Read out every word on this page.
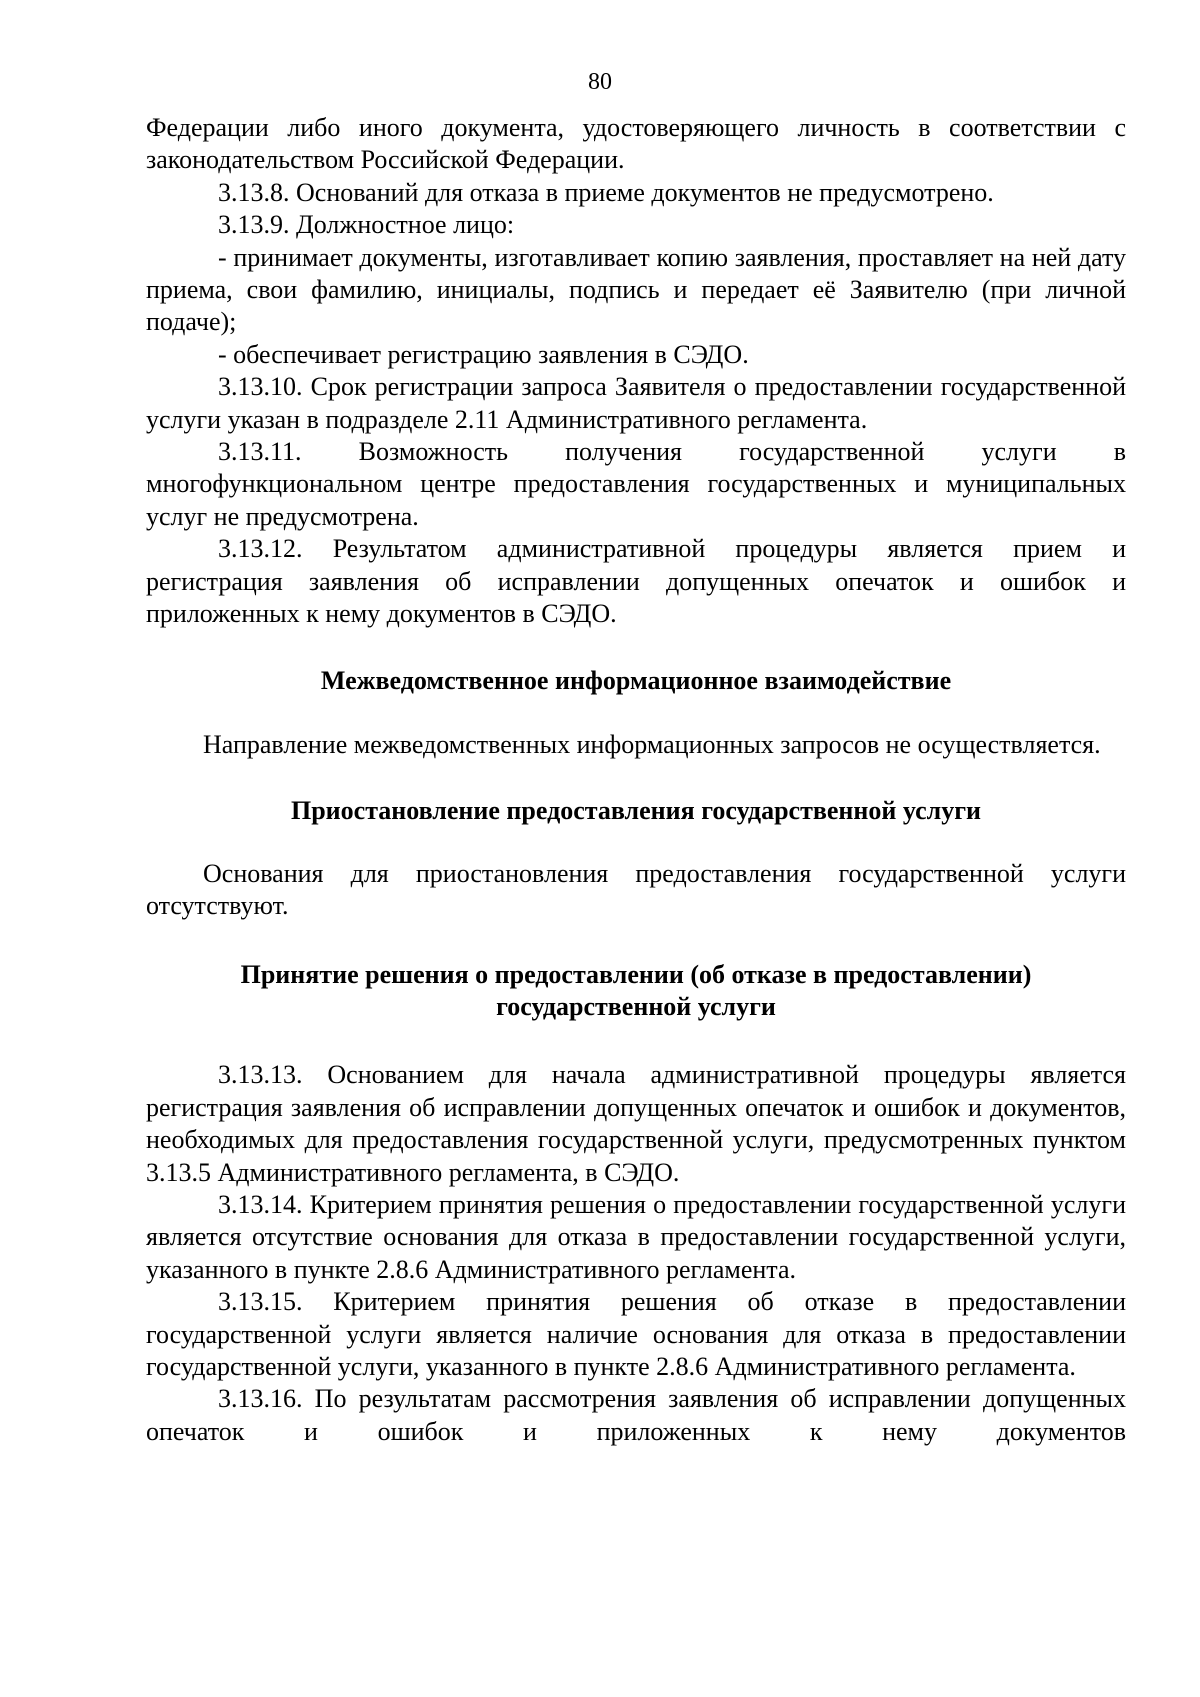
80

Федерации либо иного документа, удостоверяющего личность в соответствии с законодательством Российской Федерации.

3.13.8. Оснований для отказа в приеме документов не предусмотрено.

3.13.9. Должностное лицо:

- принимает документы, изготавливает копию заявления, проставляет на ней дату приема, свои фамилию, инициалы, подпись и передает её Заявителю (при личной подаче);

- обеспечивает регистрацию заявления в СЭДО.

3.13.10. Срок регистрации запроса Заявителя о предоставлении государственной услуги указан в подразделе 2.11 Административного регламента.

3.13.11. Возможность получения государственной услуги в многофункциональном центре предоставления государственных и муниципальных услуг не предусмотрена.

3.13.12. Результатом административной процедуры является прием и регистрация заявления об исправлении допущенных опечаток и ошибок и приложенных к нему документов в СЭДО.

Межведомственное информационное взаимодействие

Направление межведомственных информационных запросов не осуществляется.

Приостановление предоставления государственной услуги

Основания для приостановления предоставления государственной услуги отсутствуют.

Принятие решения о предоставлении (об отказе в предоставлении)
государственной услуги

3.13.13. Основанием для начала административной процедуры является регистрация заявления об исправлении допущенных опечаток и ошибок и документов, необходимых для предоставления государственной услуги, предусмотренных пунктом 3.13.5 Административного регламента, в СЭДО.

3.13.14. Критерием принятия решения о предоставлении государственной услуги является отсутствие основания для отказа в предоставлении государственной услуги, указанного в пункте 2.8.6 Административного регламента.

3.13.15. Критерием принятия решения об отказе в предоставлении государственной услуги является наличие основания для отказа в предоставлении государственной услуги, указанного в пункте 2.8.6 Административного регламента.

3.13.16. По результатам рассмотрения заявления об исправлении допущенных опечаток и ошибок и приложенных к нему документов
